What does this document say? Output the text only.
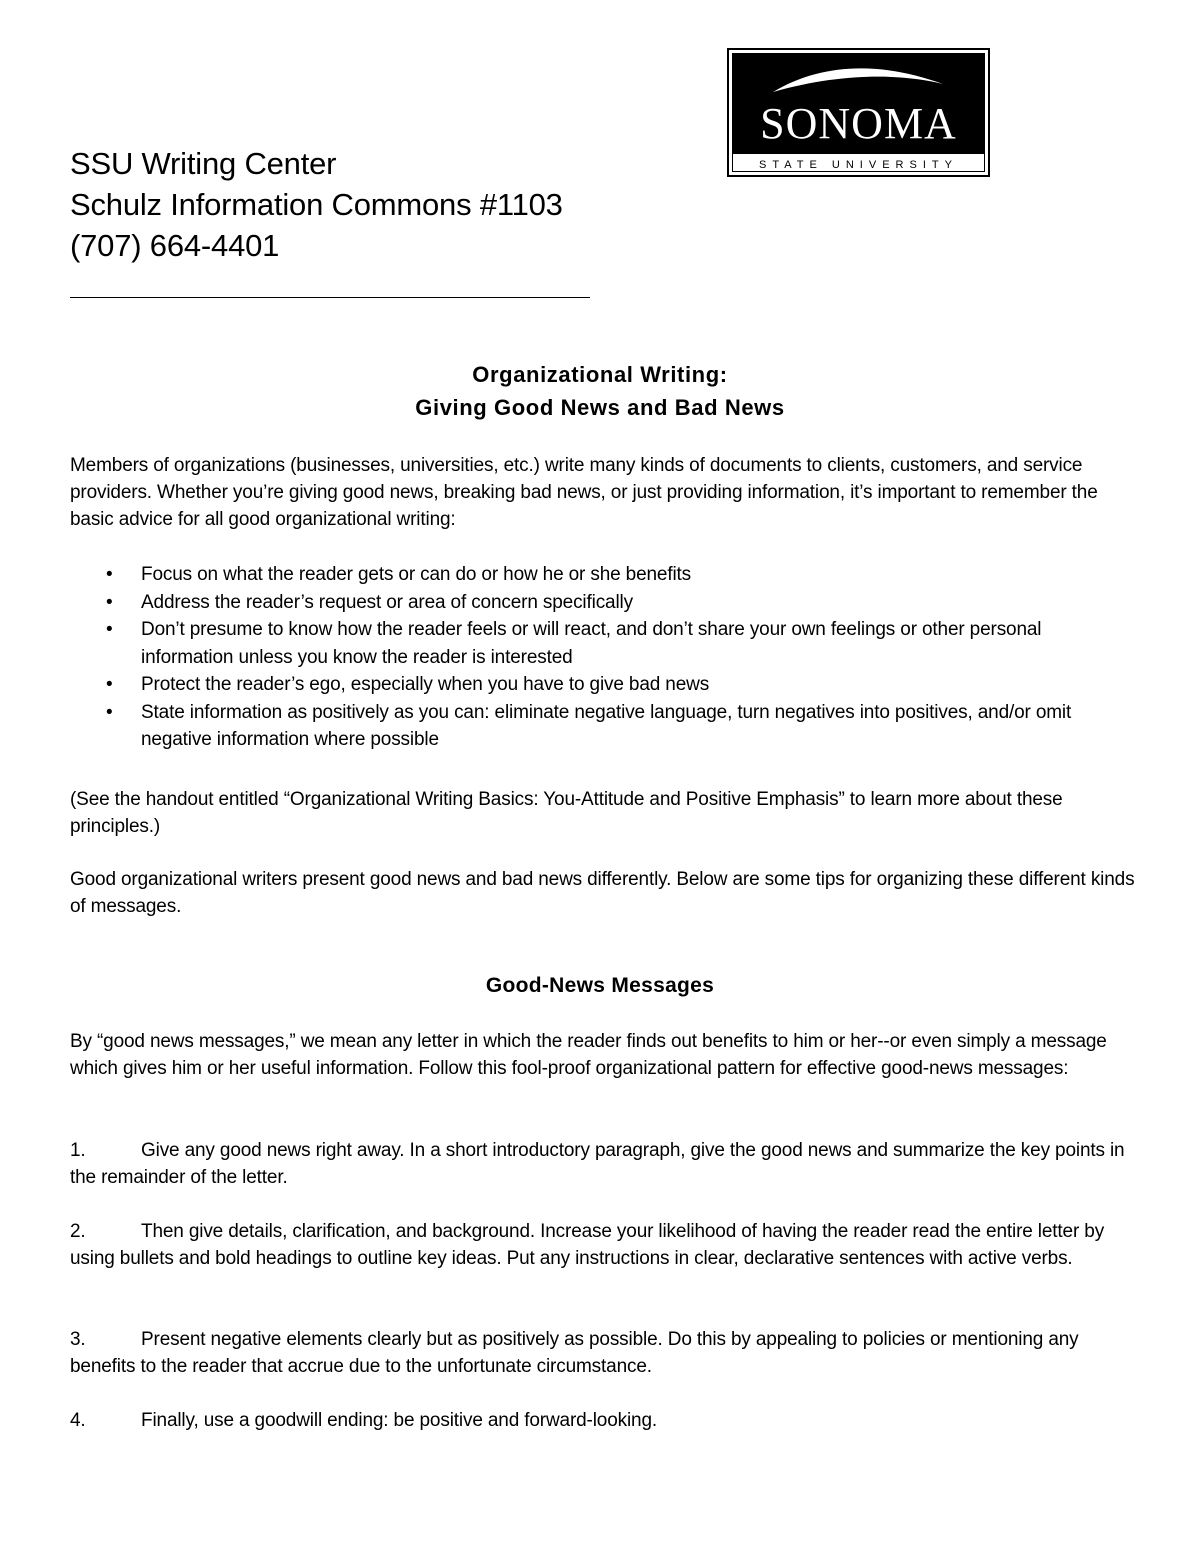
SSU Writing Center
Schulz Information Commons #1103
(707) 664-4401
SONOMA
STATE UNIVERSITY
Organizational Writing:
Giving Good News and Bad News
Members of organizations (businesses, universities, etc.) write many kinds of documents to clients, customers, and service providers. Whether you’re giving good news, breaking bad news, or just providing information, it’s important to remember the basic advice for all good organizational writing:
• Focus on what the reader gets or can do or how he or she benefits
• Address the reader’s request or area of concern specifically
• Don’t presume to know how the reader feels or will react, and don’t share your own feelings or other personal information unless you know the reader is interested
• Protect the reader’s ego, especially when you have to give bad news
• State information as positively as you can: eliminate negative language, turn negatives into positives, and/or omit negative information where possible
(See the handout entitled “Organizational Writing Basics: You-Attitude and Positive Emphasis” to learn more about these principles.)
Good organizational writers present good news and bad news differently. Below are some tips for organizing these different kinds of messages.
Good-News Messages
By “good news messages,” we mean any letter in which the reader finds out benefits to him or her--or even simply a message which gives him or her useful information. Follow this fool-proof organizational pattern for effective good-news messages:
1.	Give any good news right away. In a short introductory paragraph, give the good news and summarize the key points in the remainder of the letter.
2.	Then give details, clarification, and background. Increase your likelihood of having the reader read the entire letter by using bullets and bold headings to outline key ideas. Put any instructions in clear, declarative sentences with active verbs.
3.	Present negative elements clearly but as positively as possible. Do this by appealing to policies or mentioning any benefits to the reader that accrue due to the unfortunate circumstance.
4.	Finally, use a goodwill ending: be positive and forward-looking.
